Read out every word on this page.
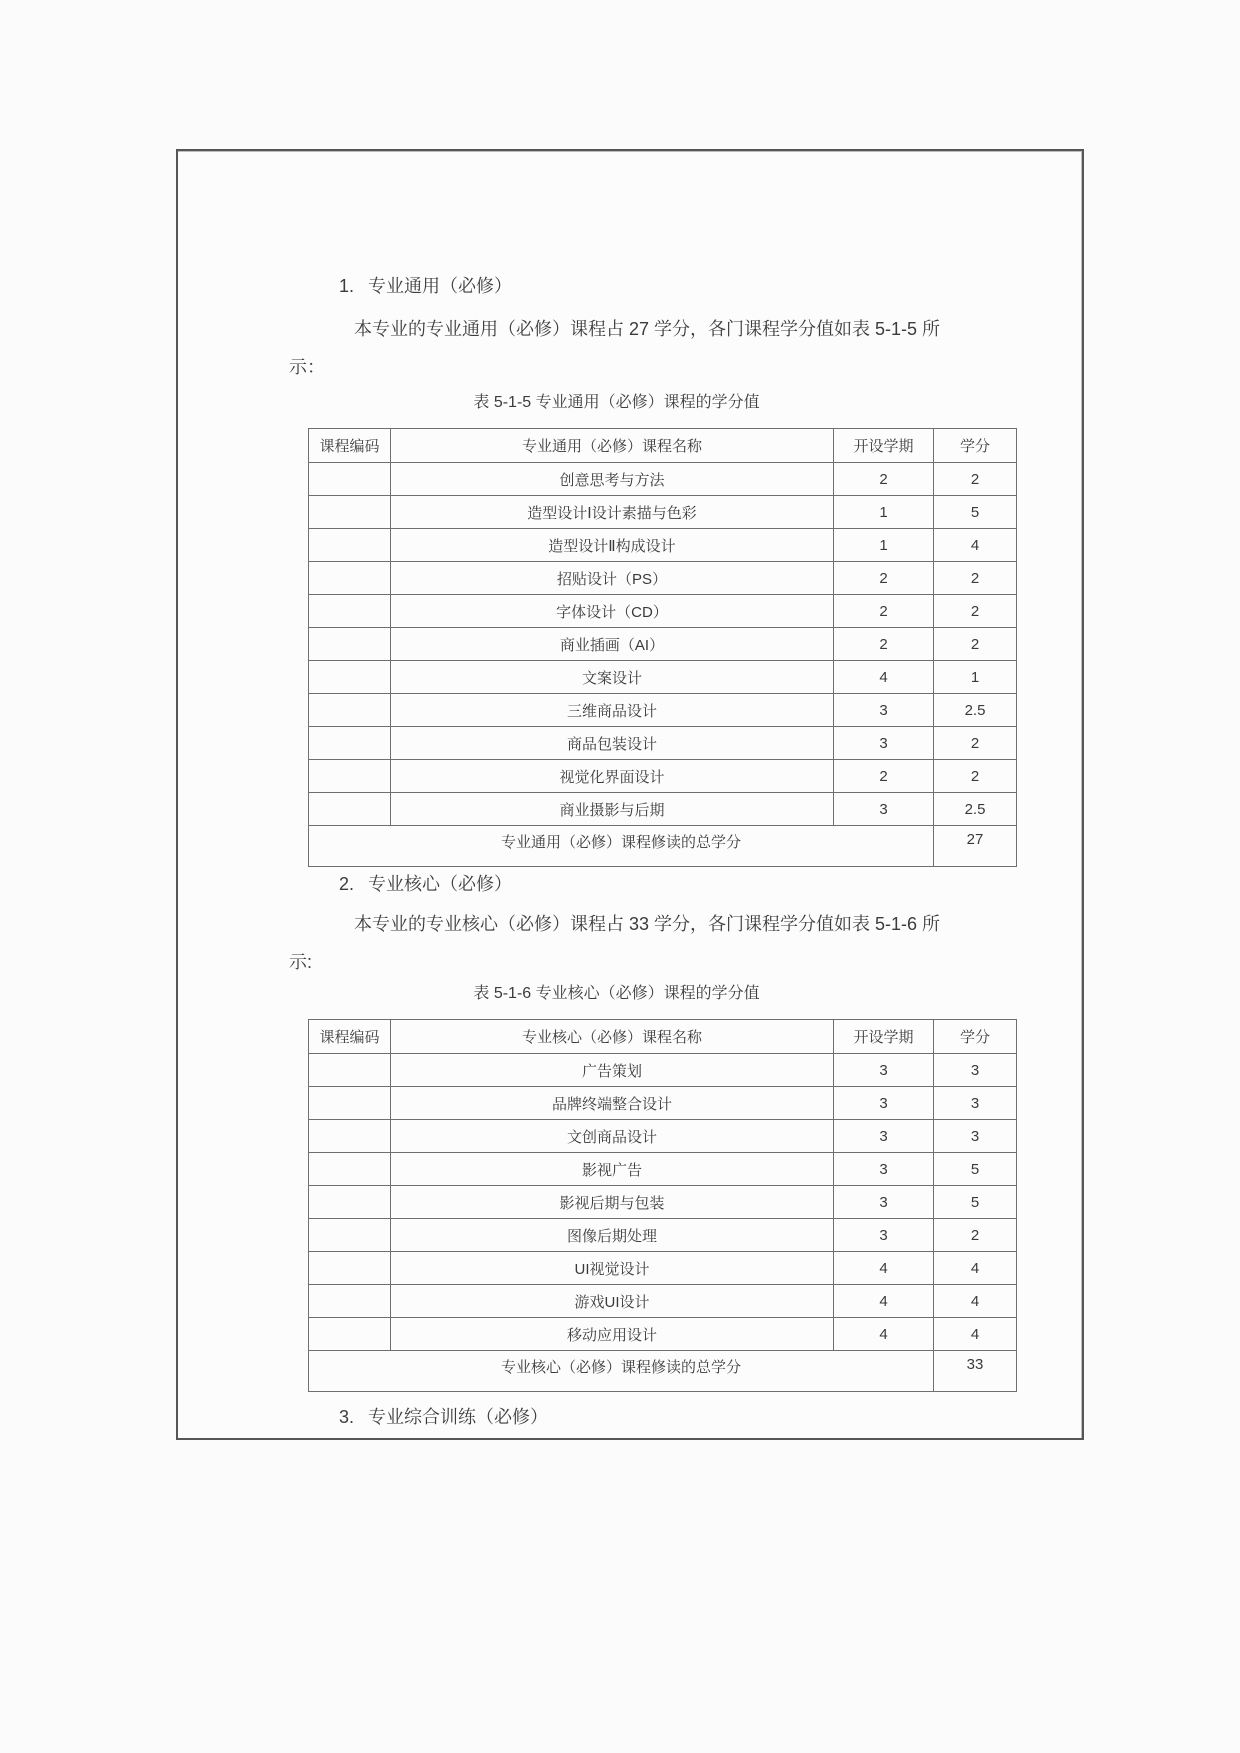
1. 专业通用（必修）
本专业的专业通用（必修）课程占 27 学分，各门课程学分值如表 5-1-5 所
示：
表 5-1-5 专业通用（必修）课程的学分值
课程编码	专业通用（必修）课程名称	开设学期	学分
	创意思考与方法	2	2
	造型设计Ⅰ设计素描与色彩	1	5
	造型设计Ⅱ构成设计	1	4
	招贴设计（PS）	2	2
	字体设计（CD）	2	2
	商业插画（AI）	2	2
	文案设计	4	1
	三维商品设计	3	2.5
	商品包装设计	3	2
	视觉化界面设计	2	2
	商业摄影与后期	3	2.5
专业通用（必修）课程修读的总学分			27
2. 专业核心（必修）
本专业的专业核心（必修）课程占 33 学分，各门课程学分值如表 5-1-6 所
示:
表 5-1-6 专业核心（必修）课程的学分值
课程编码	专业核心（必修）课程名称	开设学期	学分
	广告策划	3	3
	品牌终端整合设计	3	3
	文创商品设计	3	3
	影视广告	3	5
	影视后期与包装	3	5
	图像后期处理	3	2
	UI视觉设计	4	4
	游戏UI设计	4	4
	移动应用设计	4	4
专业核心（必修）课程修读的总学分			33
3. 专业综合训练（必修）
